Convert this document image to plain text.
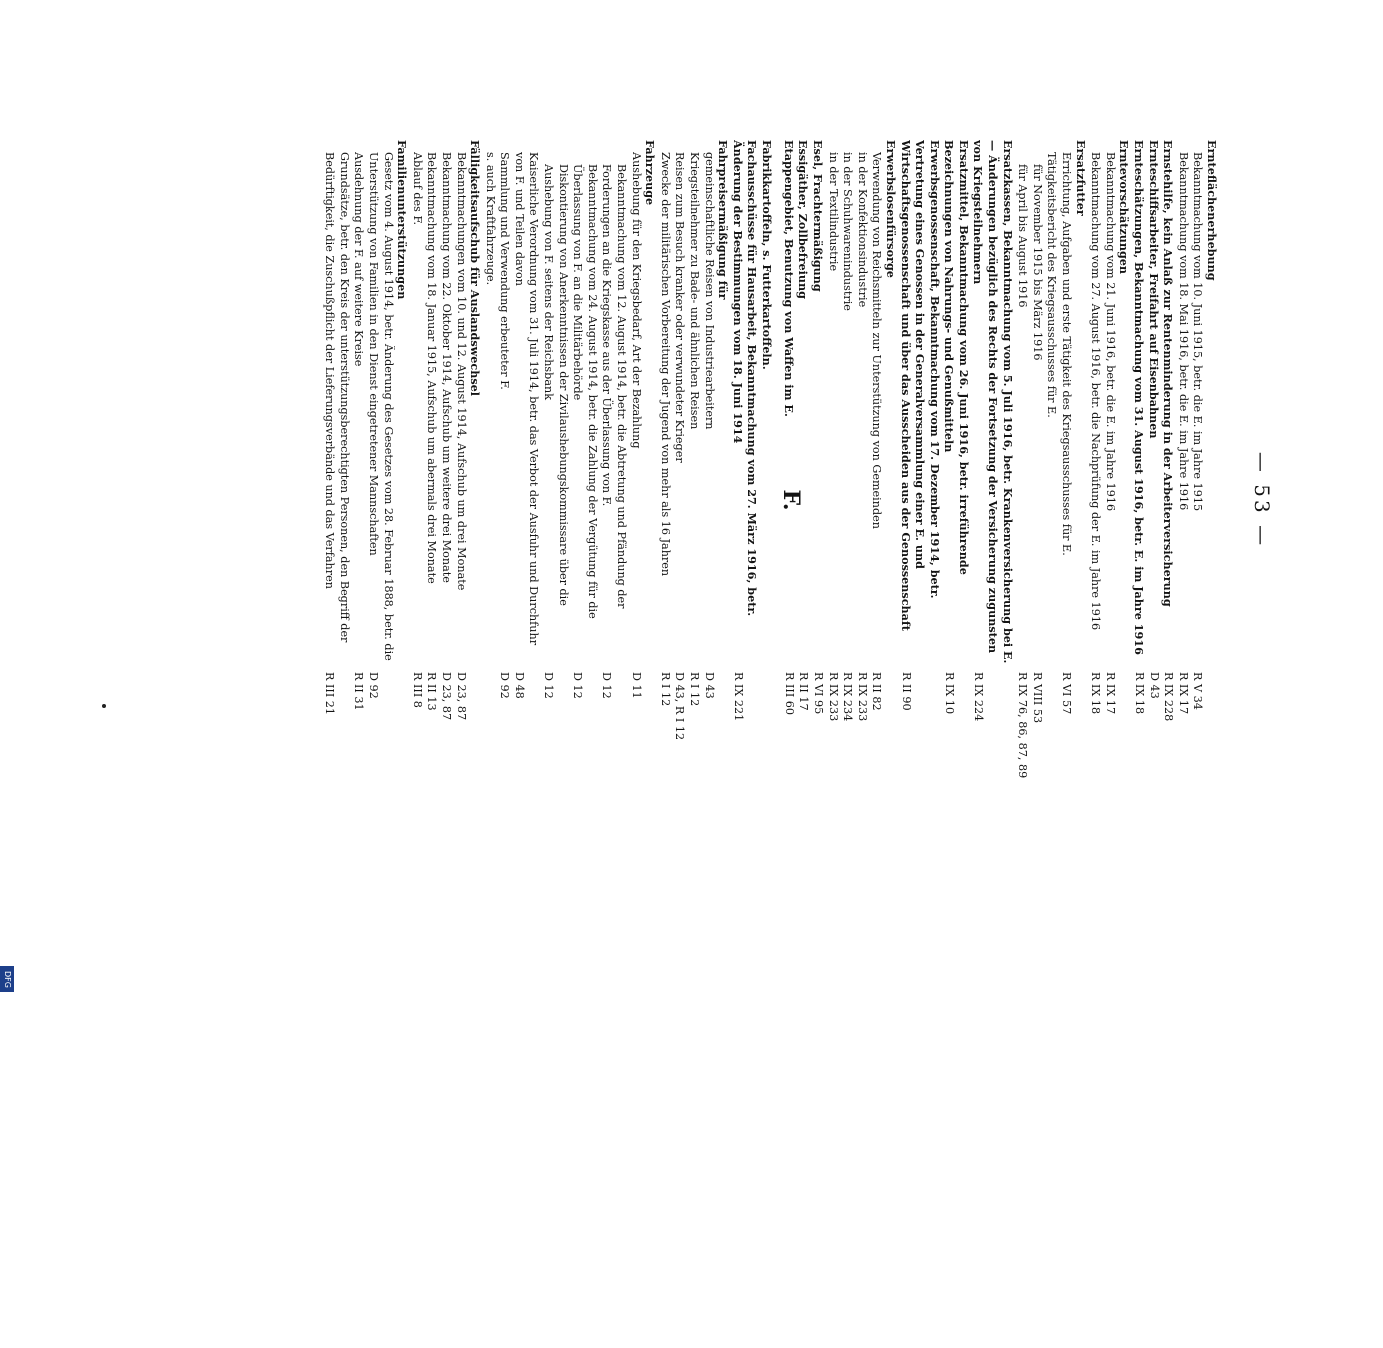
— 53 —
Ernteflächenerhebung
Bekanntmachung vom 10. Juni 1915, betr. die E. im Jahre 1915
R V 34
Bekanntmachung vom 18. Mai 1916, betr. die E. im Jahre 1916
R IX 17
Ernstehilfe, kein Anlaß zur Rentenminderung in der Arbeiterversicherung
R IX 228
Ernteschiffsarbeiter, Freifahrt auf Eisenbahnen
D 43
Ernteschätzungen, Bekanntmachung vom 31. August 1916, betr. E. im Jahre 1916
R IX 18
Erntevorschätzungen
Bekanntmachung vom 21. Juni 1916, betr. die E. im Jahre 1916
R IX 17
Bekanntmachung vom 27. August 1916, betr. die Nachprüfung der E. im Jahre 1916
R IX 18
Ersatzfutter
Errichtung, Aufgaben und erste Tätigkeit des Kriegsausschusses für E.
R VI 57
Tätigkeitsbericht des Kriegsausschusses für E.
für November 1915 bis März 1916
R VIII 53
für April bis August 1916
R IX 76, 86, 87, 89
Ersatzkassen, Bekanntmachung vom 5. Juli 1916, betr. Krankenversicherung bei E. — Änderungen bezüglich des Rechts der Fortsetzung der Versicherung zugunsten von Kriegsteilnehmern
R IX 224
Ersatzmittel, Bekanntmachung vom 26. Juni 1916, betr. irreführende Bezeichnungen von Nahrungs- und Genußmitteln
R IX 10
Erwerbsgenossenschaft, Bekanntmachung vom 17. Dezember 1914, betr. Vertretung eines Genossen in der Generalversammlung einer E. und Wirtschaftsgenossenschaft und über das Ausscheiden aus der Genossenschaft
R II 90
Erwerbslosenfürsorge
Verwendung von Reichsmitteln zur Unterstützung von Gemeinden
R II 82
in der Konfektionsindustrie
R IX 233
in der Schuhwarenindustrie
R IX 234
in der Textilindustrie
R IX 233
Esel, Frachtermäßigung
R VI 95
Essigäther, Zollbefreiung
R II 17
Etappengebiet, Benutzung von Waffen im E.
R III 60
F.
Fabrikkartoffeln, s. Futterkartoffeln.
Fachausschüsse für Hausarbeit, Bekanntmachung vom 27. März 1916, betr. Änderung der Bestimmungen vom 18. Juni 1914
R IX 221
Fahrpreisermäßigung für
gemeinschaftliche Reisen von Industriearbeitern
D 43
Kriegsteilnehmer zu Bade- und ähnlichen Reisen
R I 12
Reisen zum Besuch kranker oder verwundeter Krieger
D 43, R I 12
Zwecke der militärischen Vorbereitung der Jugend von mehr als 16 Jahren
R I 12
Fahrzeuge
Aushebung für den Kriegsbedarf, Art der Bezahlung
D 11
Bekanntmachung vom 12. August 1914, betr. die Abtretung und Pfändung der Forderungen an die Kriegskasse aus der Überlassung von F.
D 12
Bekanntmachung vom 24. August 1914, betr. die Zahlung der Vergütung für die Überlassung von F. an die Militärbehörde
D 12
Diskontierung von Anerkenntnissen der Zivilaushebungskommissare über die Aushebung von F. seitens der Reichsbank
D 12
Kaiserliche Verordnung vom 31. Juli 1914, betr. das Verbot der Ausfuhr und Durchfuhr von F. und Teilen davon
D 48
Sammlung und Verwendung erbeuteter F.
D 92
s. auch Kraftfahrzeuge.
Fälligkeitsaufschub für Auslandswechsel
Bekanntmachungen vom 10. und 12. August 1914, Aufschub um drei Monate
D 23, 87
Bekanntmachung vom 22. Oktober 1914, Aufschub um weitere drei Monate
D 23, 87
Bekanntmachung vom 18. Januar 1915, Aufschub um abermals drei Monate
R II 13
Ablauf des F.
R III 8
Familienunterstützungen
Gesetz vom 4. August 1914, betr. Änderung des Gesetzes vom 28. Februar 1888, betr. die Unterstützung von Familien in den Dienst eingetretener Mannschaften
D 92
Ausdehnung der F. auf weitere Kreise
R II 31
Grundsätze, betr. den Kreis der unterstützungsberechtigten Personen, den Begriff der Bedürftigkeit, die Zuschußpflicht der Lieferungsverbände und das Verfahren
R III 21
DFG
